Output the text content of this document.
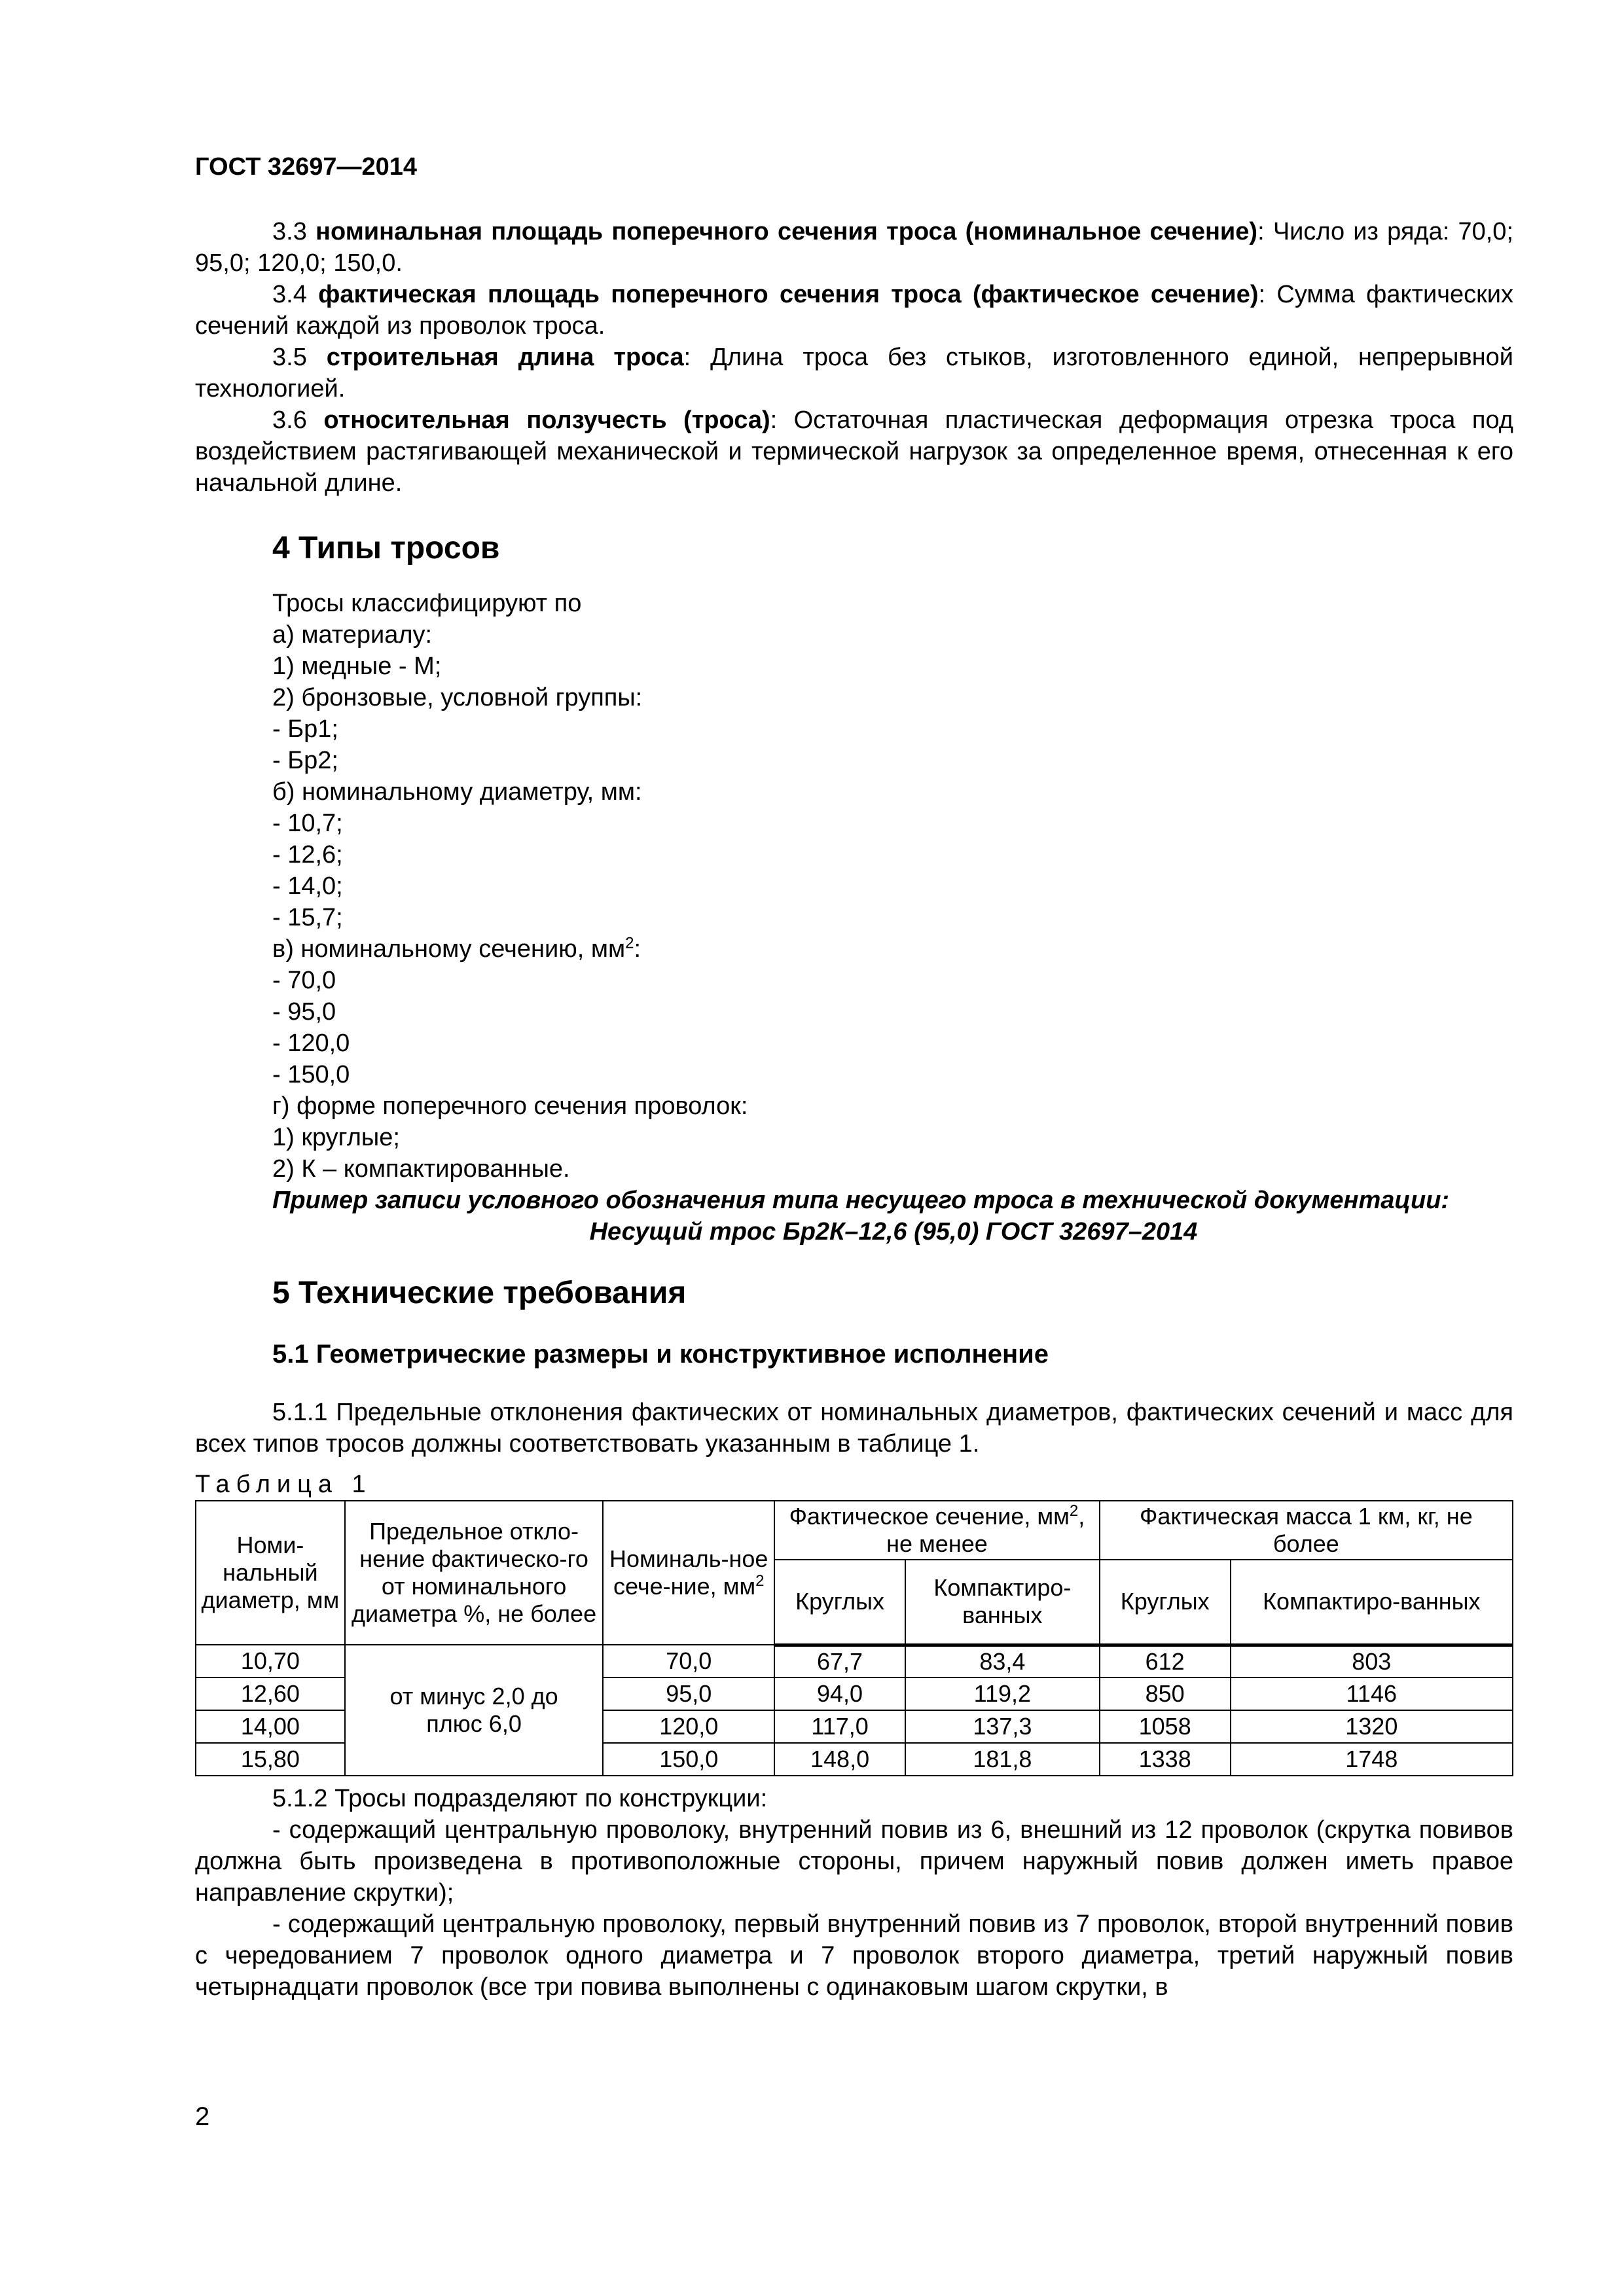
ГОСТ 32697—2014

3.3 номинальная площадь поперечного сечения троса (номинальное сечение): Число из ряда: 70,0; 95,0; 120,0; 150,0.

3.4 фактическая площадь поперечного сечения троса (фактическое сечение): Сумма фактических сечений каждой из проволок троса.

3.5 строительная длина троса: Длина троса без стыков, изготовленного единой, непрерывной технологией.

3.6 относительная ползучесть (троса): Остаточная пластическая деформация отрезка троса под воздействием растягивающей механической и термической нагрузок за определенное время, отнесенная к его начальной длине.

4 Типы тросов

Тросы классифицируют по

а) материалу:

1) медные - М;

2) бронзовые, условной группы:

- Бр1;

- Бр2;

б) номинальному диаметру, мм:

- 10,7;

- 12,6;

- 14,0;

- 15,7;

в) номинальному сечению, $мм^2$:

- 70,0

- 95,0

- 120,0

- 150,0

г) форме поперечного сечения проволок:

1) круглые;

2) К – компактированные.

Пример записи условного обозначения типа несущего троса в технической документации:

Несущий трос Бр2К–12,6 (95,0) ГОСТ 32697–2014

5 Технические требования
5.1 Геометрические размеры и конструктивное исполнение

5.1.1 Предельные отклонения фактических от номинальных диаметров, фактических сечений и масс для всех типов тросов должны соответствовать указанным в таблице 1.

Таблица 1

Номи-нальный диаметр, мм	Предельное откло-нение фактическо-го от номинального диаметра %, не более	Номиналь-ное сече-ние, $мм^2$	Фактическое сечение, $мм^2$, не менее		Фактическая масса 1 км, кг, не более	
			Круглых	Компактиро-ванных	Круглых	Компактиро-ванных
10,70	от минус 2,0 до плюс 6,0	70,0	67,7	83,4	612	803
12,60		95,0	94,0	119,2	850	1146
14,00		120,0	117,0	137,3	1058	1320
15,80		150,0	148,0	181,8	1338	1748

5.1.2 Тросы подразделяют по конструкции:

- содержащий центральную проволоку, внутренний повив из 6, внешний из 12 проволок (скрутка повивов должна быть произведена в противоположные стороны, причем наружный повив должен иметь правое направление скрутки);

- содержащий центральную проволоку, первый внутренний повив из 7 проволок, второй внутренний повив с чередованием 7 проволок одного диаметра и 7 проволок второго диаметра, третий наружный повив четырнадцати проволок (все три повива выполнены с одинаковым шагом скрутки, в

2
